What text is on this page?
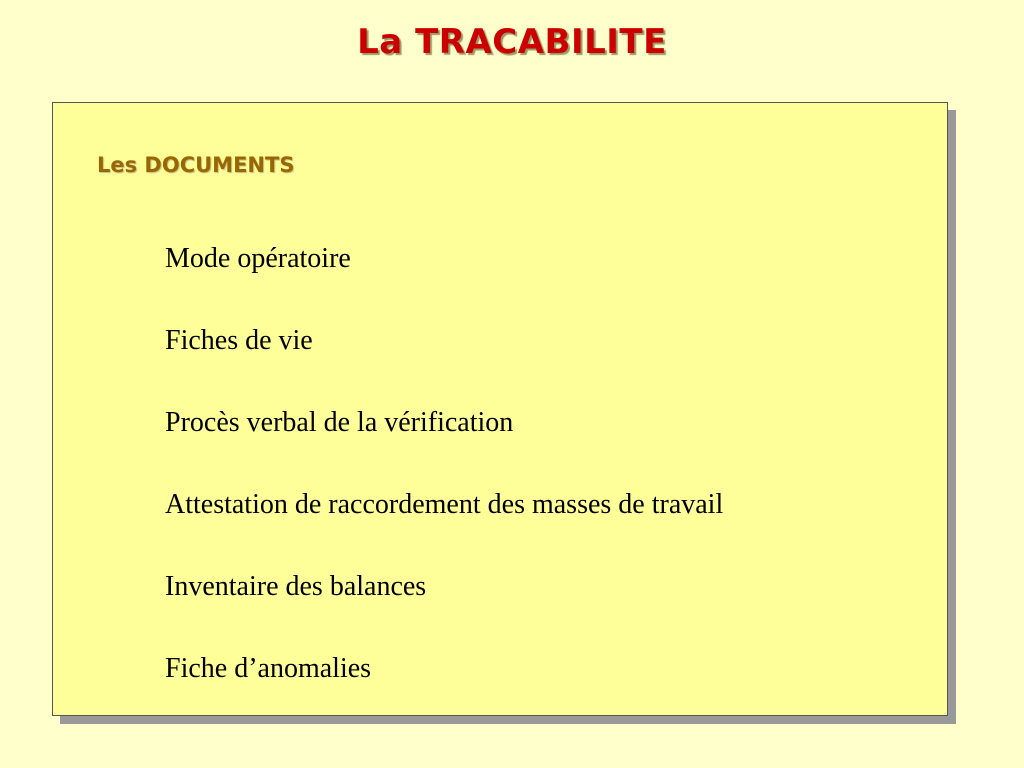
La TRACABILITE
Les DOCUMENTS
Mode opératoire
Fiches de vie
Procès verbal de la vérification
Attestation de raccordement des masses de travail
Inventaire des balances
Fiche d’anomalies
